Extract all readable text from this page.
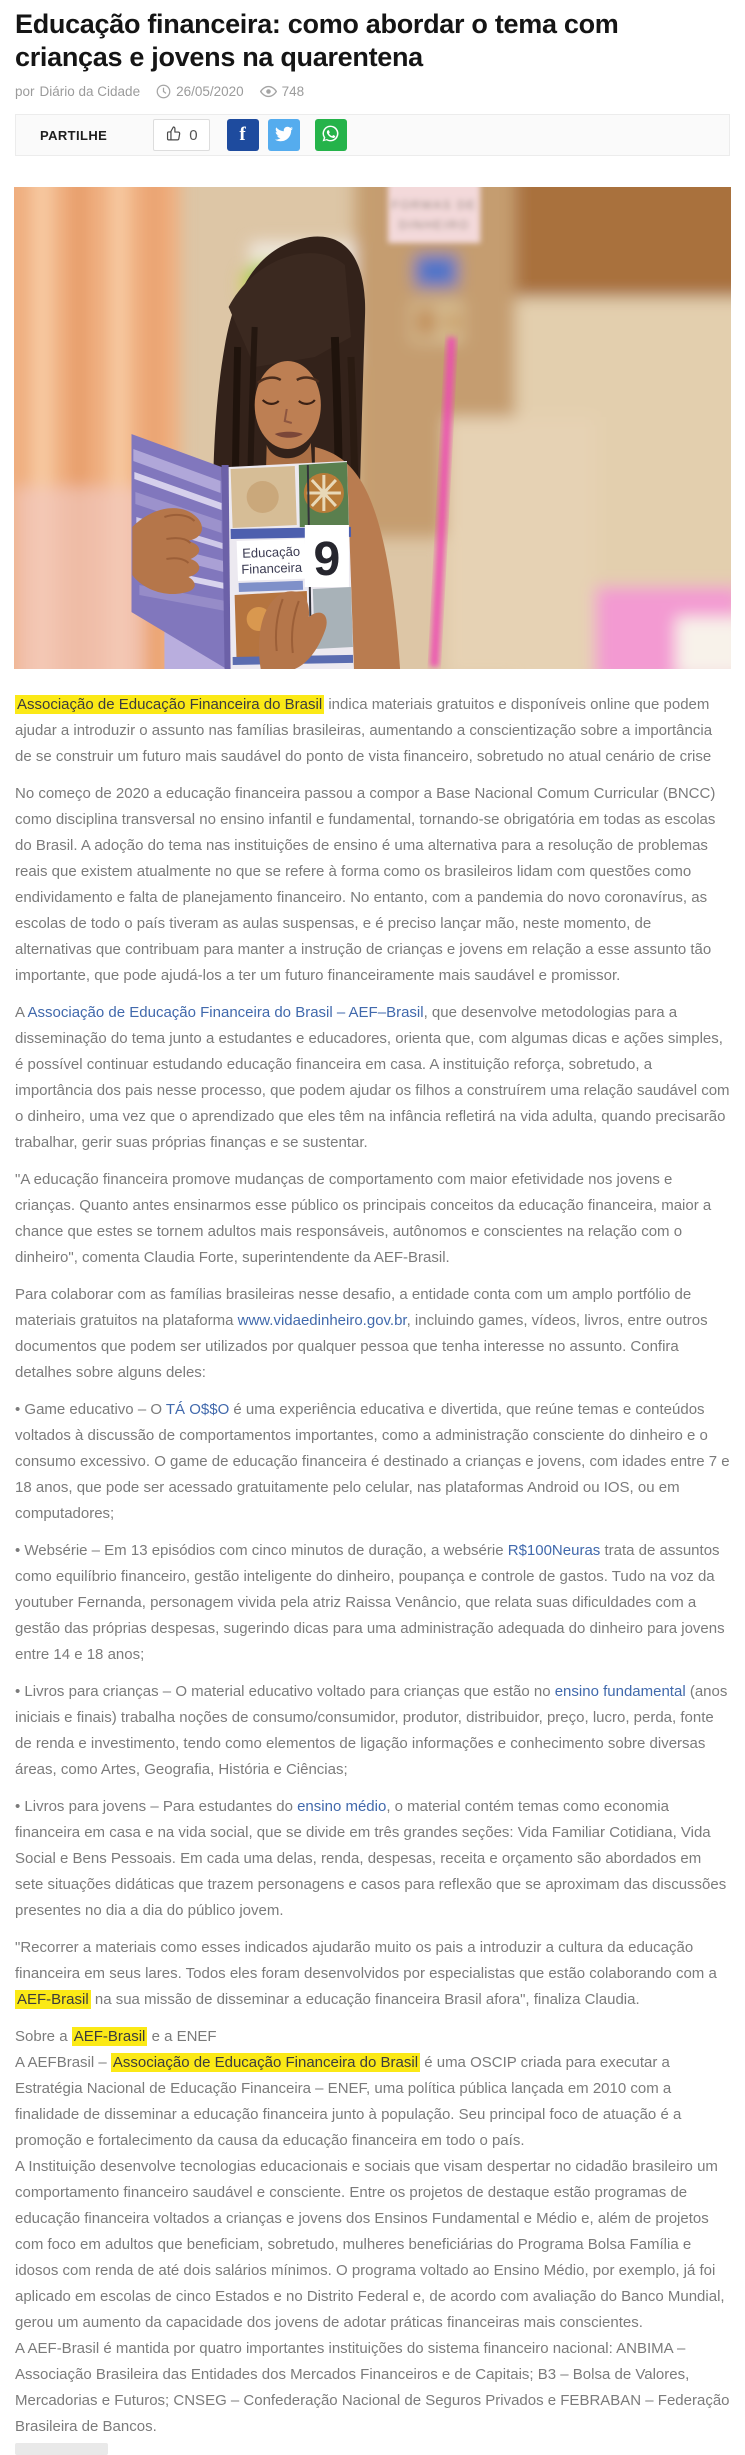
Educação financeira: como abordar o tema com crianças e jovens na quarentena
por Diário da Cidade	26/05/2020	748
PARTILHE	0 f
FORMAS DE
DINHEIRO
Educação
Financeira 9

Associação de Educação Financeira do Brasil indica materiais gratuitos e disponíveis online que podem ajudar a introduzir o assunto nas famílias brasileiras, aumentando a conscientização sobre a importância de se construir um futuro mais saudável do ponto de vista financeiro, sobretudo no atual cenário de crise

No começo de 2020 a educação financeira passou a compor a Base Nacional Comum Curricular (BNCC) como disciplina transversal no ensino infantil e fundamental, tornando-se obrigatória em todas as escolas do Brasil. A adoção do tema nas instituições de ensino é uma alternativa para a resolução de problemas reais que existem atualmente no que se refere à forma como os brasileiros lidam com questões como endividamento e falta de planejamento financeiro. No entanto, com a pandemia do novo coronavírus, as escolas de todo o país tiveram as aulas suspensas, e é preciso lançar mão, neste momento, de alternativas que contribuam para manter a instrução de crianças e jovens em relação a esse assunto tão importante, que pode ajudá-los a ter um futuro financeiramente mais saudável e promissor.

A Associação de Educação Financeira do Brasil – AEF–Brasil, que desenvolve metodologias para a disseminação do tema junto a estudantes e educadores, orienta que, com algumas dicas e ações simples, é possível continuar estudando educação financeira em casa. A instituição reforça, sobretudo, a importância dos pais nesse processo, que podem ajudar os filhos a construírem uma relação saudável com o dinheiro, uma vez que o aprendizado que eles têm na infância refletirá na vida adulta, quando precisarão trabalhar, gerir suas próprias finanças e se sustentar.

"A educação financeira promove mudanças de comportamento com maior efetividade nos jovens e crianças. Quanto antes ensinarmos esse público os principais conceitos da educação financeira, maior a chance que estes se tornem adultos mais responsáveis, autônomos e conscientes na relação com o dinheiro", comenta Claudia Forte, superintendente da AEF-Brasil.

Para colaborar com as famílias brasileiras nesse desafio, a entidade conta com um amplo portfólio de materiais gratuitos na plataforma www.vidaedinheiro.gov.br, incluindo games, vídeos, livros, entre outros documentos que podem ser utilizados por qualquer pessoa que tenha interesse no assunto. Confira detalhes sobre alguns deles:

• Game educativo – O TÁ O$$O é uma experiência educativa e divertida, que reúne temas e conteúdos voltados à discussão de comportamentos importantes, como a administração consciente do dinheiro e o consumo excessivo. O game de educação financeira é destinado a crianças e jovens, com idades entre 7 e 18 anos, que pode ser acessado gratuitamente pelo celular, nas plataformas Android ou IOS, ou em computadores;

• Websérie – Em 13 episódios com cinco minutos de duração, a websérie R$100Neuras trata de assuntos como equilíbrio financeiro, gestão inteligente do dinheiro, poupança e controle de gastos. Tudo na voz da youtuber Fernanda, personagem vivida pela atriz Raissa Venâncio, que relata suas dificuldades com a gestão das próprias despesas, sugerindo dicas para uma administração adequada do dinheiro para jovens entre 14 e 18 anos;

• Livros para crianças – O material educativo voltado para crianças que estão no ensino fundamental (anos iniciais e finais) trabalha noções de consumo/consumidor, produtor, distribuidor, preço, lucro, perda, fonte de renda e investimento, tendo como elementos de ligação informações e conhecimento sobre diversas áreas, como Artes, Geografia, História e Ciências;

• Livros para jovens – Para estudantes do ensino médio, o material contém temas como economia financeira em casa e na vida social, que se divide em três grandes seções: Vida Familiar Cotidiana, Vida Social e Bens Pessoais. Em cada uma delas, renda, despesas, receita e orçamento são abordados em sete situações didáticas que trazem personagens e casos para reflexão que se aproximam das discussões presentes no dia a dia do público jovem.

"Recorrer a materiais como esses indicados ajudarão muito os pais a introduzir a cultura da educação financeira em seus lares. Todos eles foram desenvolvidos por especialistas que estão colaborando com a AEF-Brasil na sua missão de disseminar a educação financeira Brasil afora", finaliza Claudia.

Sobre a AEF-Brasil e a ENEF

A AEFBrasil – Associação de Educação Financeira do Brasil é uma OSCIP criada para executar a Estratégia Nacional de Educação Financeira – ENEF, uma política pública lançada em 2010 com a finalidade de disseminar a educação financeira junto à população. Seu principal foco de atuação é a promoção e fortalecimento da causa da educação financeira em todo o país.

A Instituição desenvolve tecnologias educacionais e sociais que visam despertar no cidadão brasileiro um comportamento financeiro saudável e consciente. Entre os projetos de destaque estão programas de educação financeira voltados a crianças e jovens dos Ensinos Fundamental e Médio e, além de projetos com foco em adultos que beneficiam, sobretudo, mulheres beneficiárias do Programa Bolsa Família e idosos com renda de até dois salários mínimos. O programa voltado ao Ensino Médio, por exemplo, já foi aplicado em escolas de cinco Estados e no Distrito Federal e, de acordo com avaliação do Banco Mundial, gerou um aumento da capacidade dos jovens de adotar práticas financeiras mais conscientes.

A AEF-Brasil é mantida por quatro importantes instituições do sistema financeiro nacional: ANBIMA – Associação Brasileira das Entidades dos Mercados Financeiros e de Capitais; B3 – Bolsa de Valores, Mercadorias e Futuros; CNSEG – Confederação Nacional de Seguros Privados e FEBRABAN – Federação Brasileira de Bancos.
